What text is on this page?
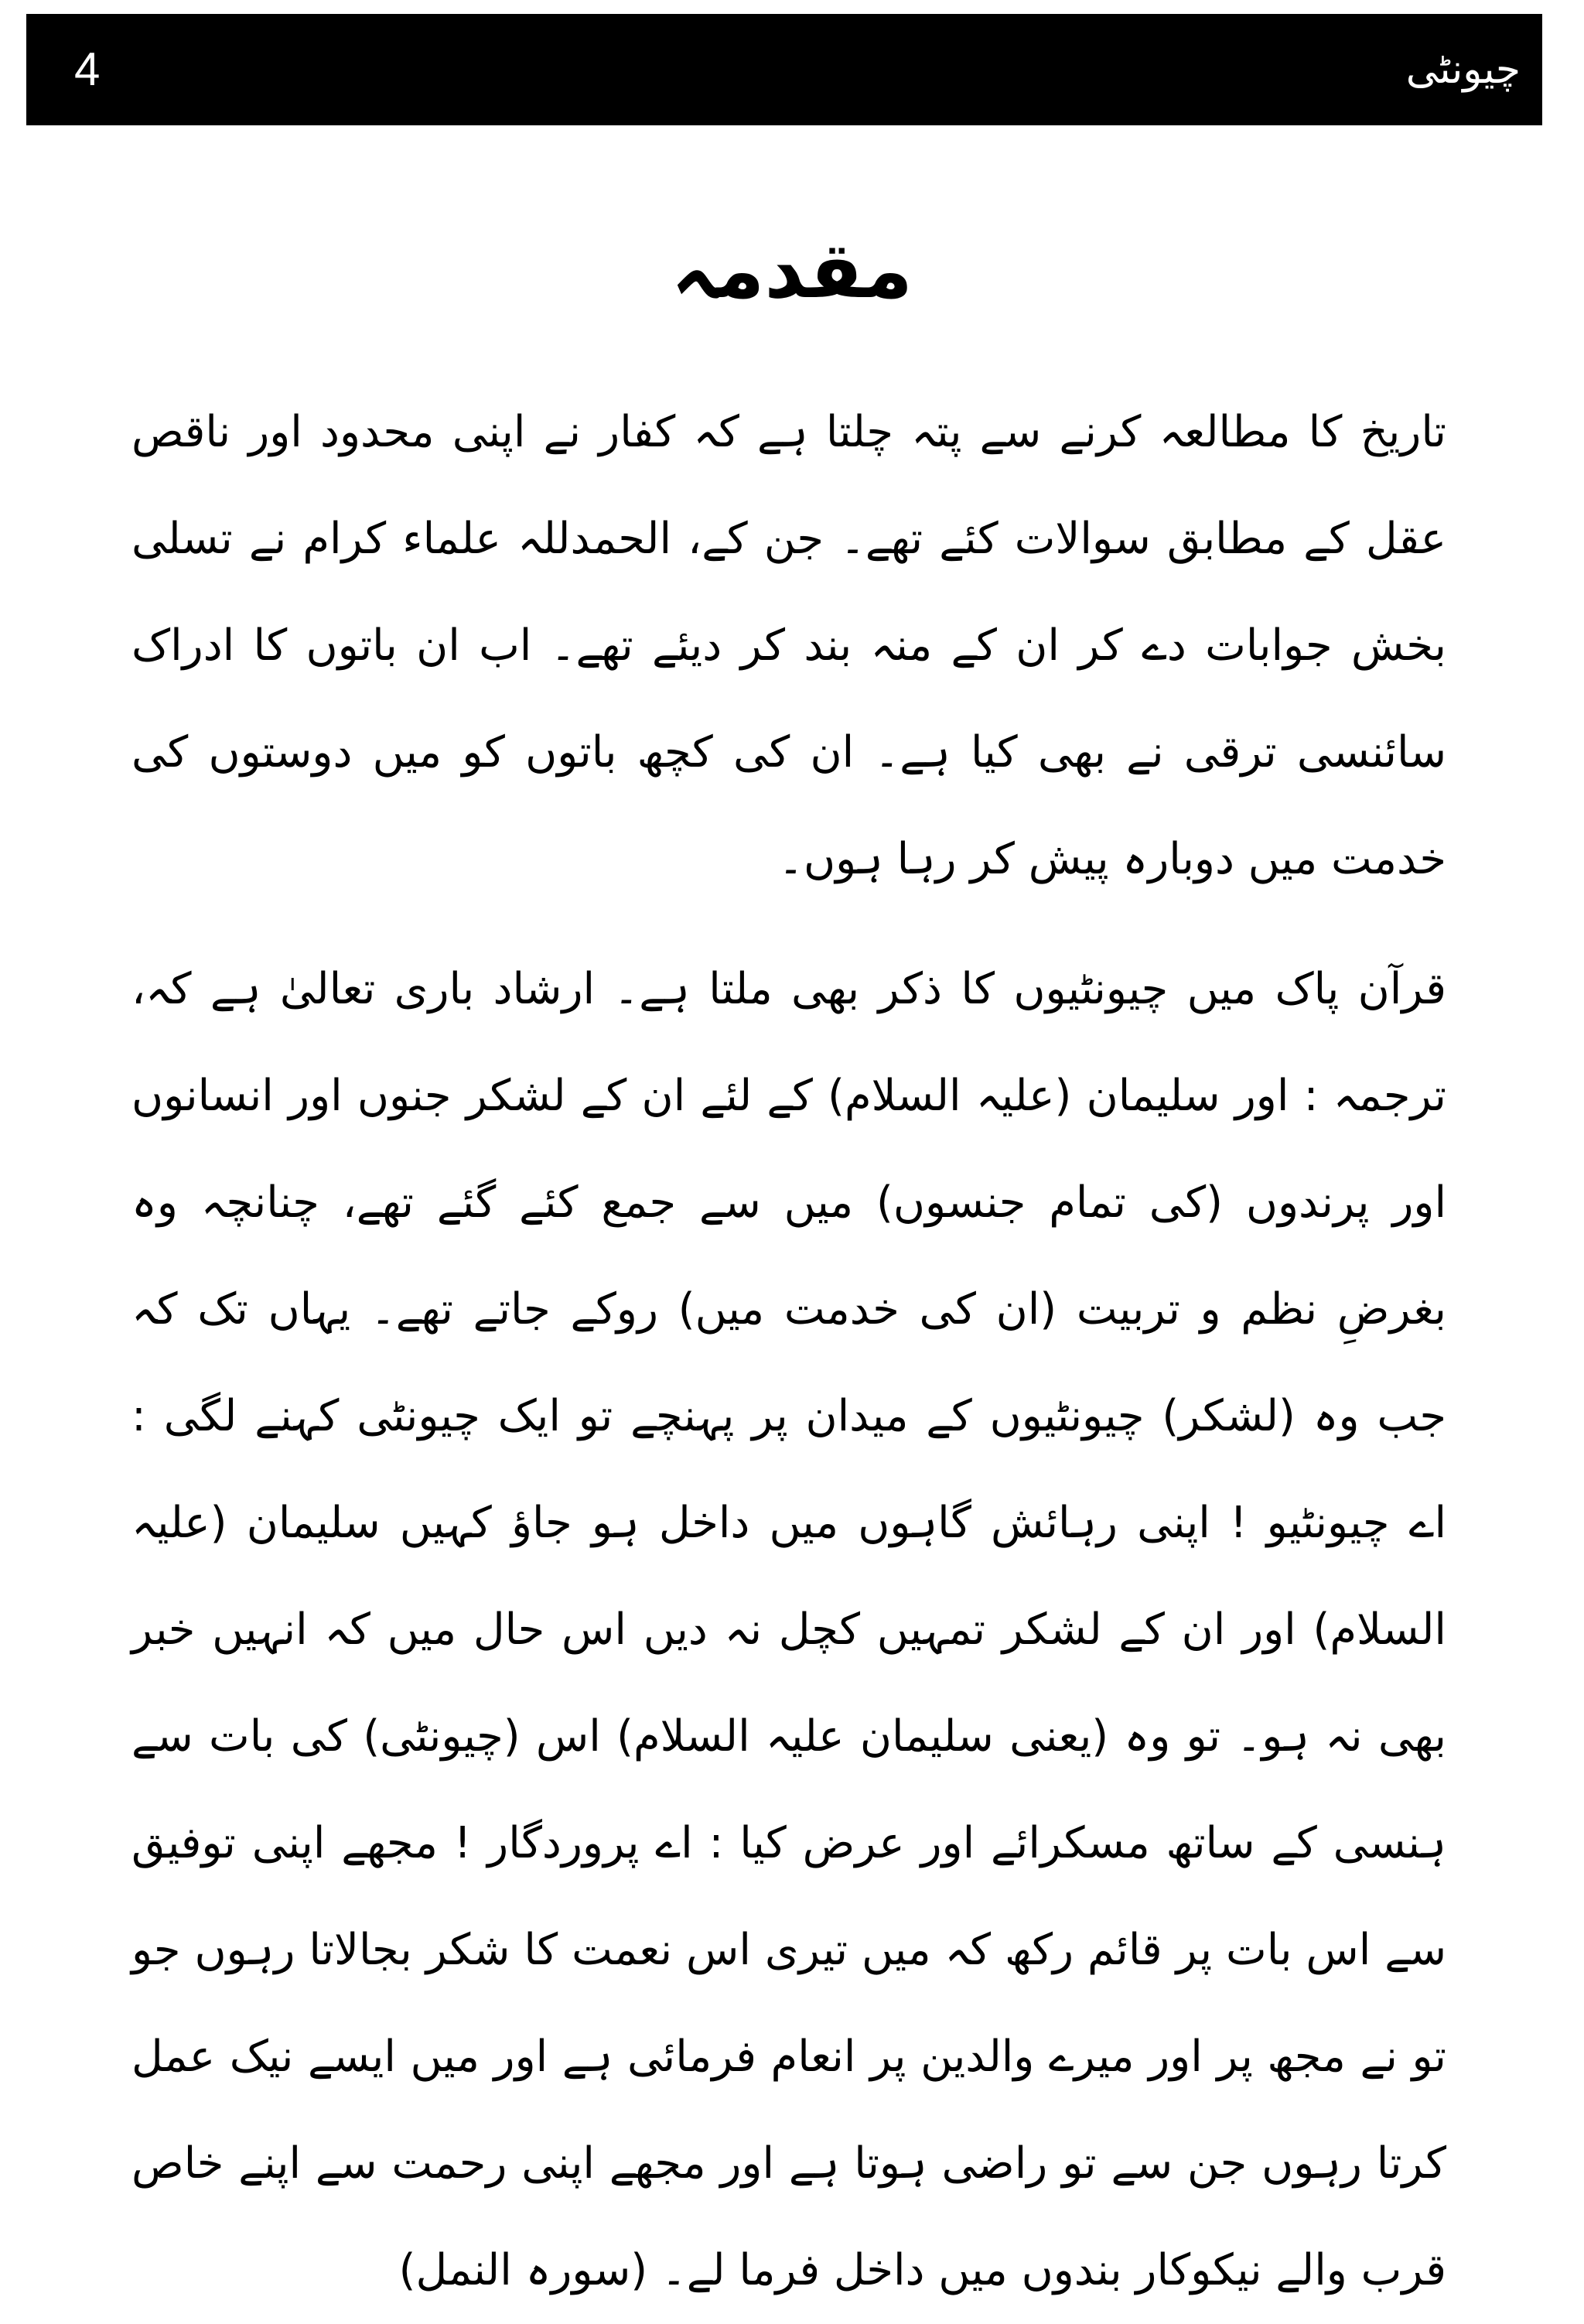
4	چیونٹی
مقدمہ

تاریخ کا مطالعہ کرنے سے پتہ چلتا ہے کہ کفار نے اپنی محدود اور ناقص عقل کے مطابق سوالات کئے تھے۔ جن کے، الحمدللہ علماء کرام نے تسلی بخش جوابات دے کر ان کے منہ بند کر دیئے تھے۔ اب ان باتوں کا ادراک سائنسی ترقی نے بھی کیا ہے۔ ان کی کچھ باتوں کو میں دوستوں کی خدمت میں دوبارہ پیش کر رہا ہوں۔

قرآن پاک میں چیونٹیوں کا ذکر بھی ملتا ہے۔ ارشاد باری تعالیٰ ہے کہ، ترجمہ : اور سلیمان (علیہ السلام) کے لئے ان کے لشکر جنوں اور انسانوں اور پرندوں (کی تمام جنسوں) میں سے جمع کئے گئے تھے، چنانچہ وہ بغرضِ نظم و تربیت (ان کی خدمت میں) روکے جاتے تھے۔ یہاں تک کہ جب وہ (لشکر) چیونٹیوں کے میدان پر پہنچے تو ایک چیونٹی کہنے لگی : اے چیونٹیو ! اپنی رہائش گاہوں میں داخل ہو جاؤ کہیں سلیمان (علیہ السلام) اور ان کے لشکر تمہیں کچل نہ دیں اس حال میں کہ انہیں خبر بھی نہ ہو۔ تو وہ (یعنی سلیمان علیہ السلام) اس (چیونٹی) کی بات سے ہنسی کے ساتھ مسکرائے اور عرض کیا : اے پروردگار ! مجھے اپنی توفیق سے اس بات پر قائم رکھ کہ میں تیری اس نعمت کا شکر بجالاتا رہوں جو تو نے مجھ پر اور میرے والدین پر انعام فرمائی ہے اور میں ایسے نیک عمل کرتا رہوں جن سے تو راضی ہوتا ہے اور مجھے اپنی رحمت سے اپنے خاص قرب والے نیکوکار بندوں میں داخل فرما لے۔ (سورہ النمل)
